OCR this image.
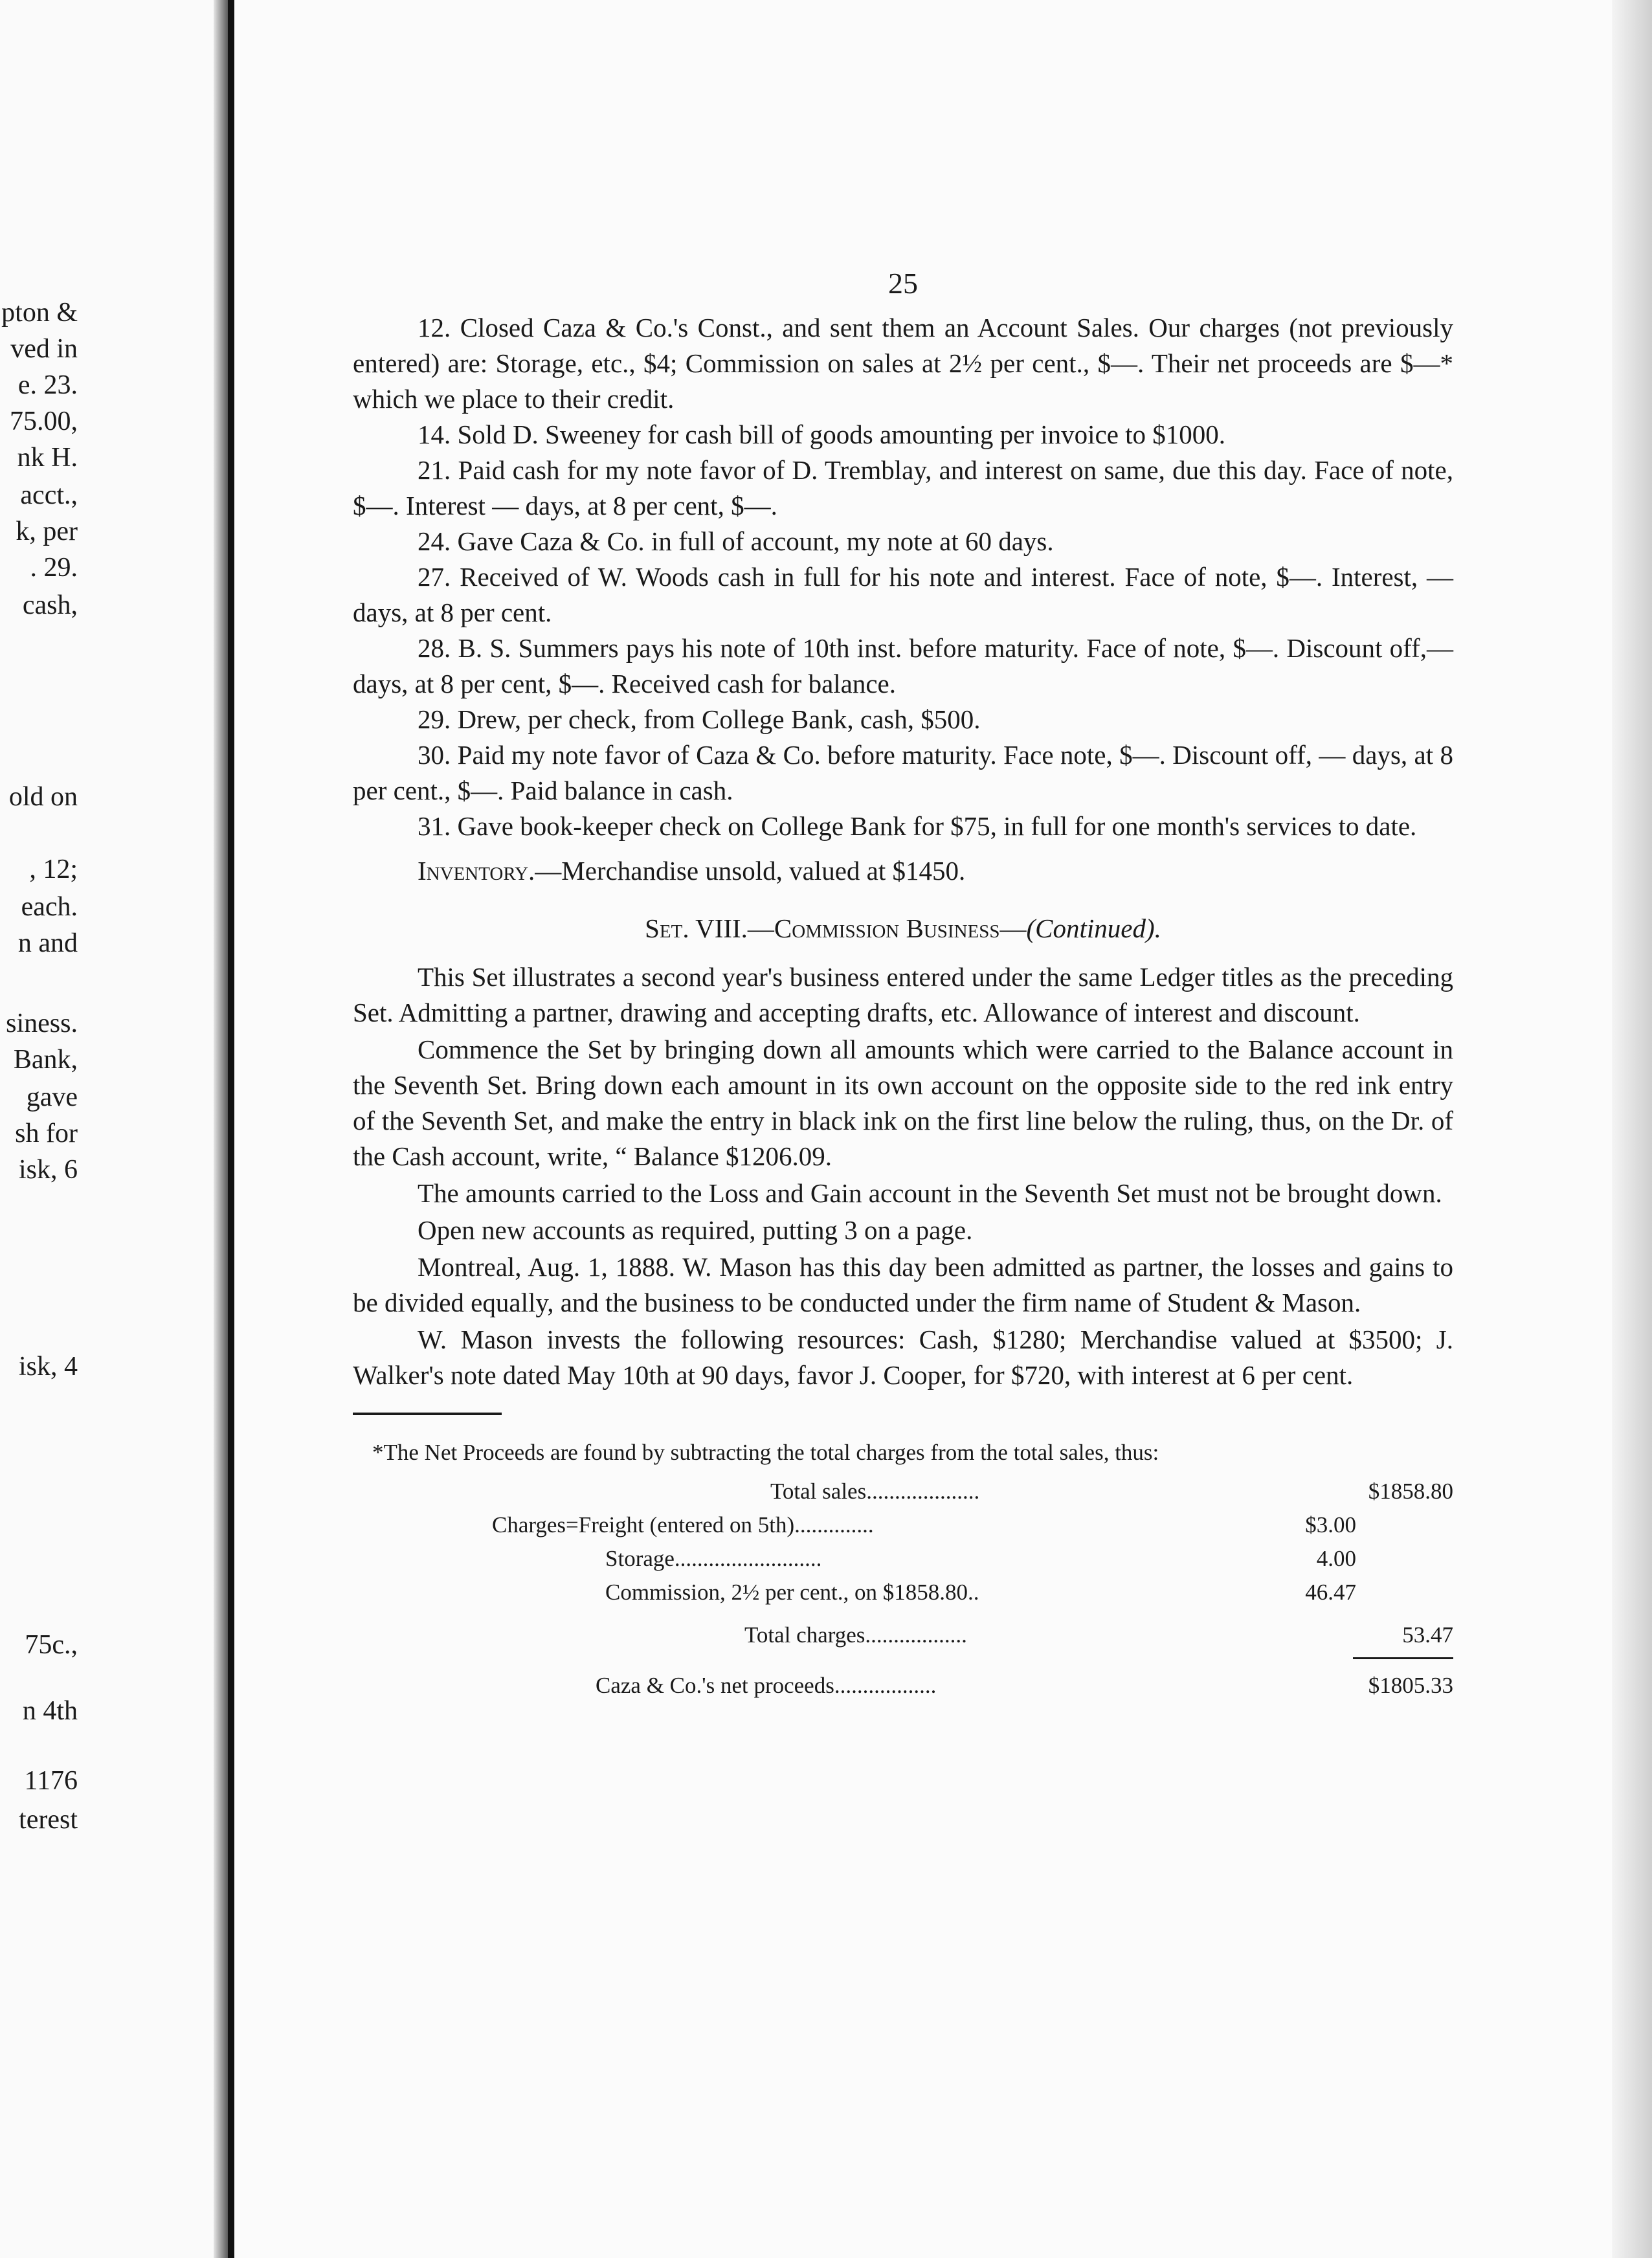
pton &
ved in
e. 23.
75.00,
nk H.
acct.,
k, per
. 29.
cash,
old on
, 12;
each.
n and
siness.
Bank,
gave
sh for
isk, 6
isk, 4
75c.,
n 4th
1176
terest
25

12. Closed Caza & Co.'s Const., and sent them an Account Sales. Our charges (not previously entered) are: Storage, etc., $4; Commission on sales at 2½ per cent., $—. Their net proceeds are $—* which we place to their credit.

14. Sold D. Sweeney for cash bill of goods amounting per invoice to $1000.

21. Paid cash for my note favor of D. Tremblay, and interest on same, due this day. Face of note, $—. Interest — days, at 8 per cent, $—.

24. Gave Caza & Co. in full of account, my note at 60 days.

27. Received of W. Woods cash in full for his note and interest. Face of note, $—. Interest, — days, at 8 per cent.

28. B. S. Summers pays his note of 10th inst. before maturity. Face of note, $—. Discount off,—days, at 8 per cent, $—. Received cash for balance.

29. Drew, per check, from College Bank, cash, $500.

30. Paid my note favor of Caza & Co. before maturity. Face note, $—. Discount off, — days, at 8 per cent., $—. Paid balance in cash.

31. Gave book-keeper check on College Bank for $75, in full for one month's services to date.

Inventory.—Merchandise unsold, valued at $1450.

Set. VIII.—Commission Business—(Continued).

This Set illustrates a second year's business entered under the same Ledger titles as the preceding Set. Admitting a partner, drawing and accepting drafts, etc. Allowance of interest and discount.

Commence the Set by bringing down all amounts which were carried to the Balance account in the Seventh Set. Bring down each amount in its own account on the opposite side to the red ink entry of the Seventh Set, and make the entry in black ink on the first line below the ruling, thus, on the Dr. of the Cash account, write, “ Balance $1206.09.

The amounts carried to the Loss and Gain account in the Seventh Set must not be brought down.

Open new accounts as required, putting 3 on a page.

Montreal, Aug. 1, 1888. W. Mason has this day been admitted as partner, the losses and gains to be divided equally, and the business to be conducted under the firm name of Student & Mason.

W. Mason invests the following resources: Cash, $1280; Merchandise valued at $3500; J. Walker's note dated May 10th at 90 days, favor J. Cooper, for $720, with interest at 6 per cent.

*The Net Proceeds are found by subtracting the total charges from the total sales, thus:

Total sales....................	$1858.80
Charges=Freight (entered on 5th)..............	$3.00
Storage..........................	4.00
Commission, 2½ per cent., on $1858.80..	46.47
Total charges..................	53.47
Caza & Co.'s net proceeds..................	$1805.33
